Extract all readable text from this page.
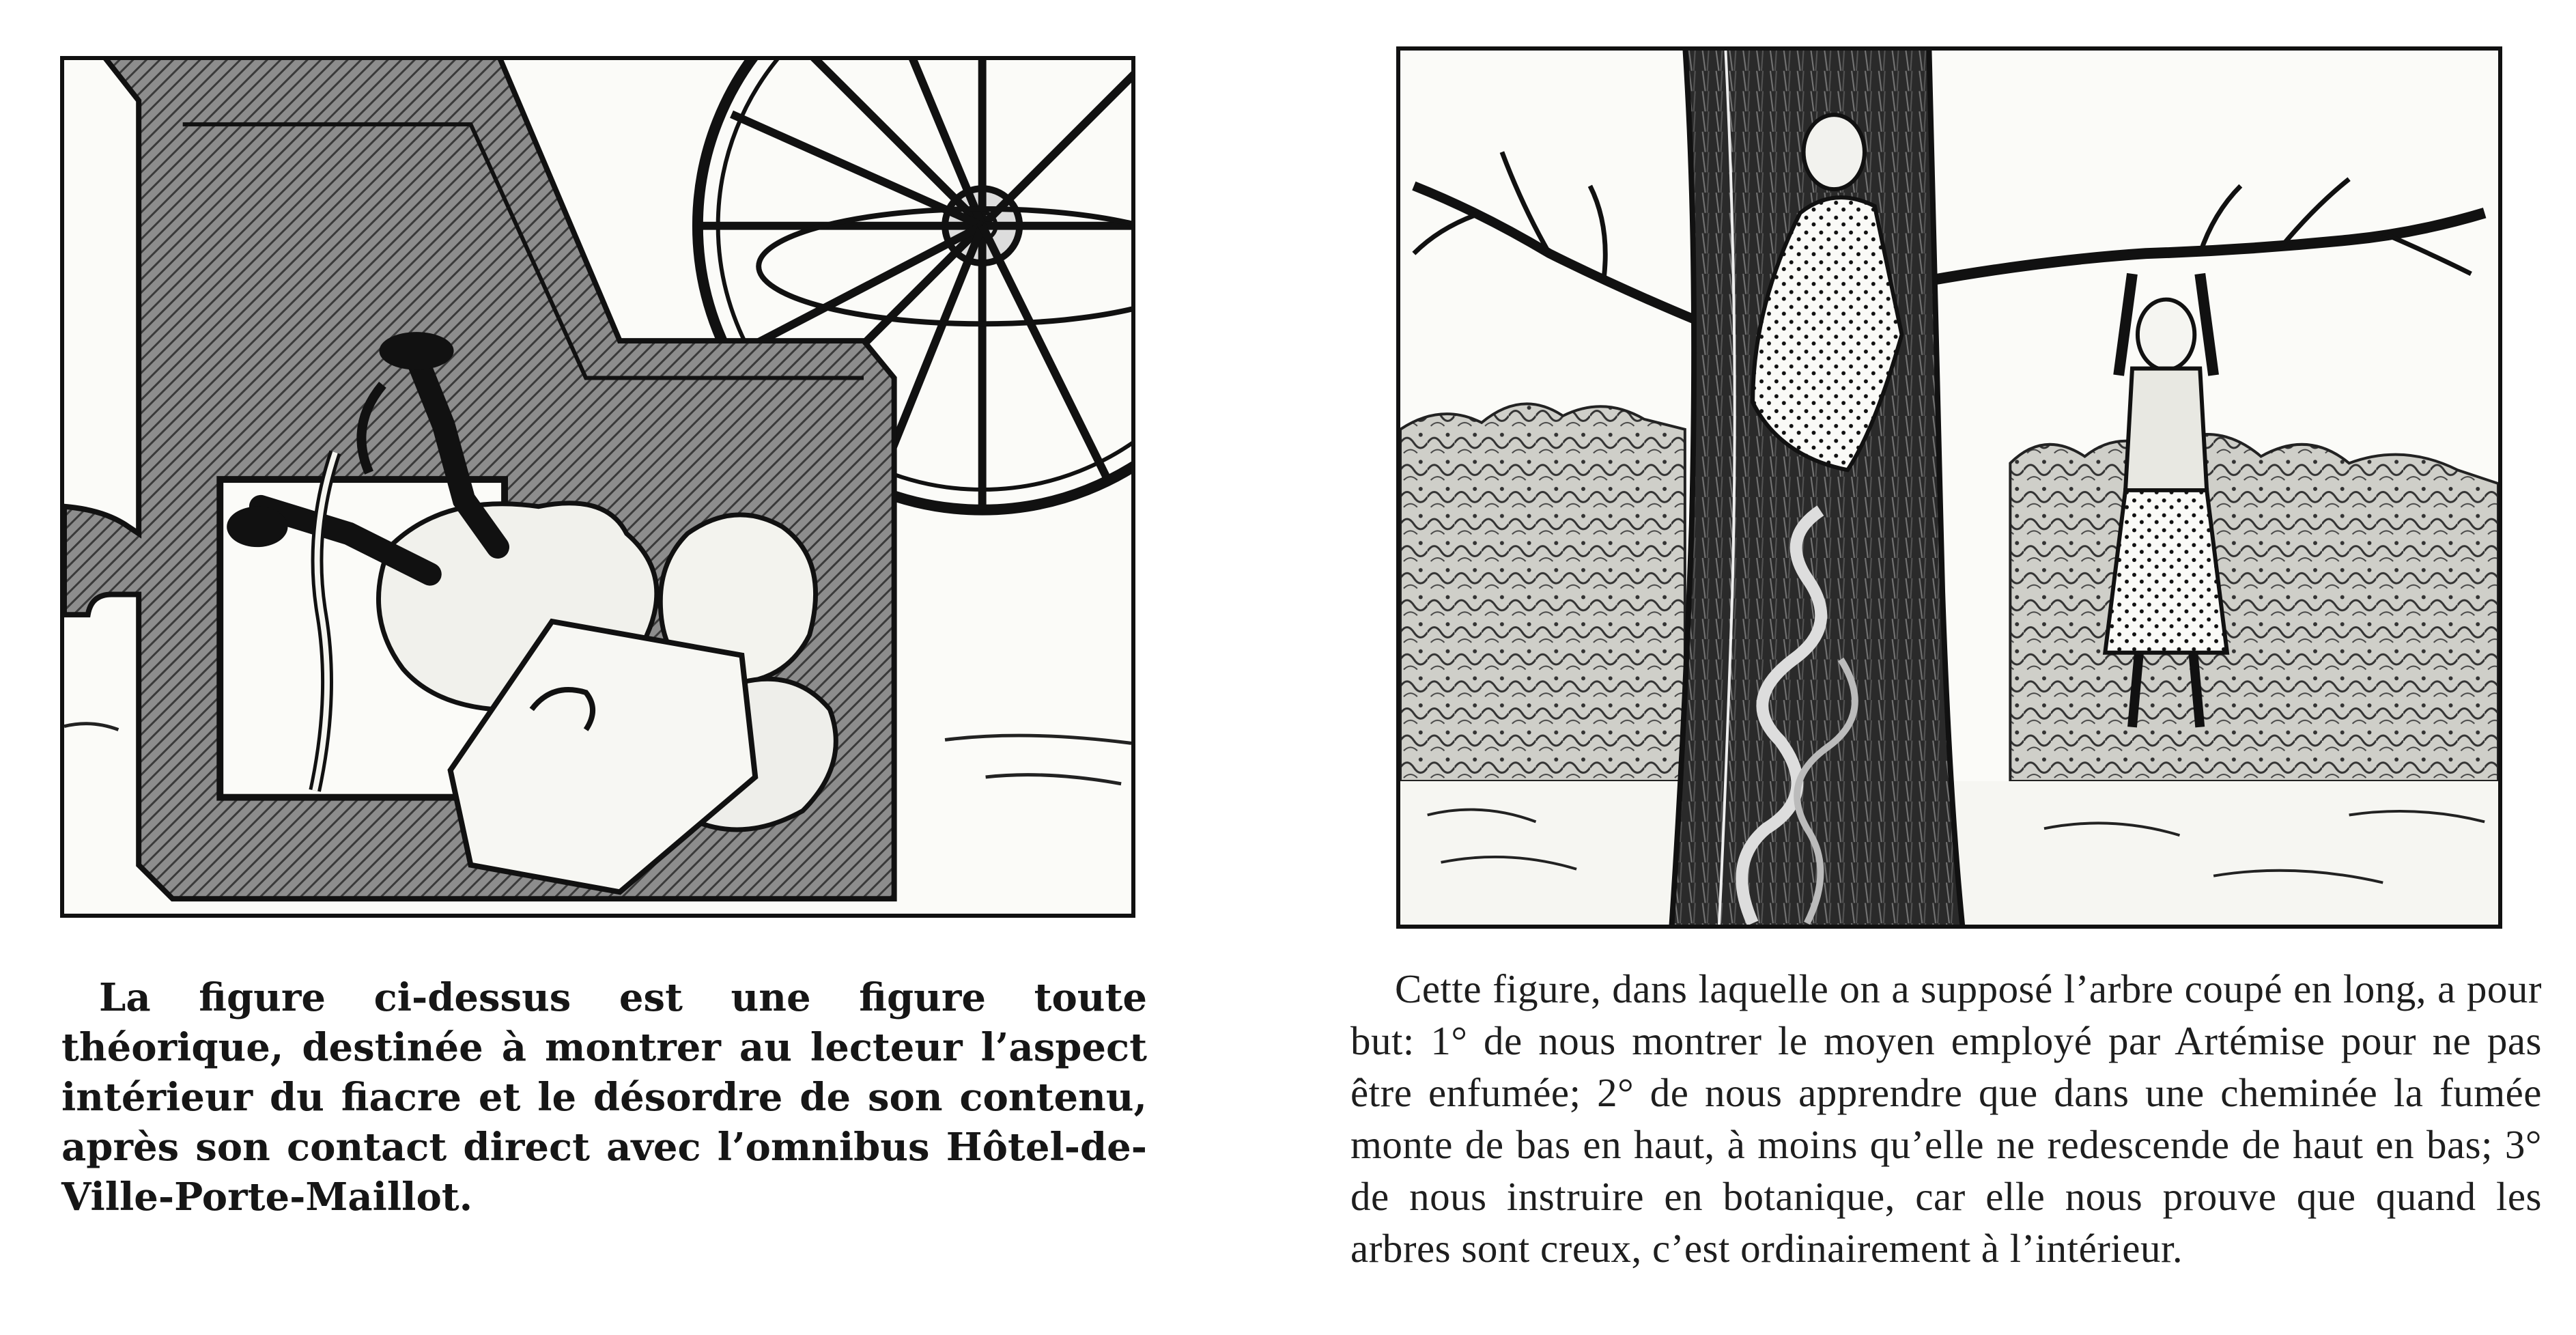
La figure ci-dessus est une figure toute théorique, destinée à montrer au lecteur l’aspect intérieur du fiacre et le désordre de son contenu, après son contact direct avec l’omnibus Hôtel-de-Ville-Porte-Maillot.

Cette figure, dans laquelle on a supposé l’arbre coupé en long, a pour but: 1° de nous montrer le moyen employé par Artémise pour ne pas être enfumée; 2° de nous apprendre que dans une cheminée la fumée monte de bas en haut, à moins qu’elle ne redescende de haut en bas; 3° de nous instruire en botanique, car elle nous prouve que quand les arbres sont creux, c’est ordinairement à l’intérieur.
